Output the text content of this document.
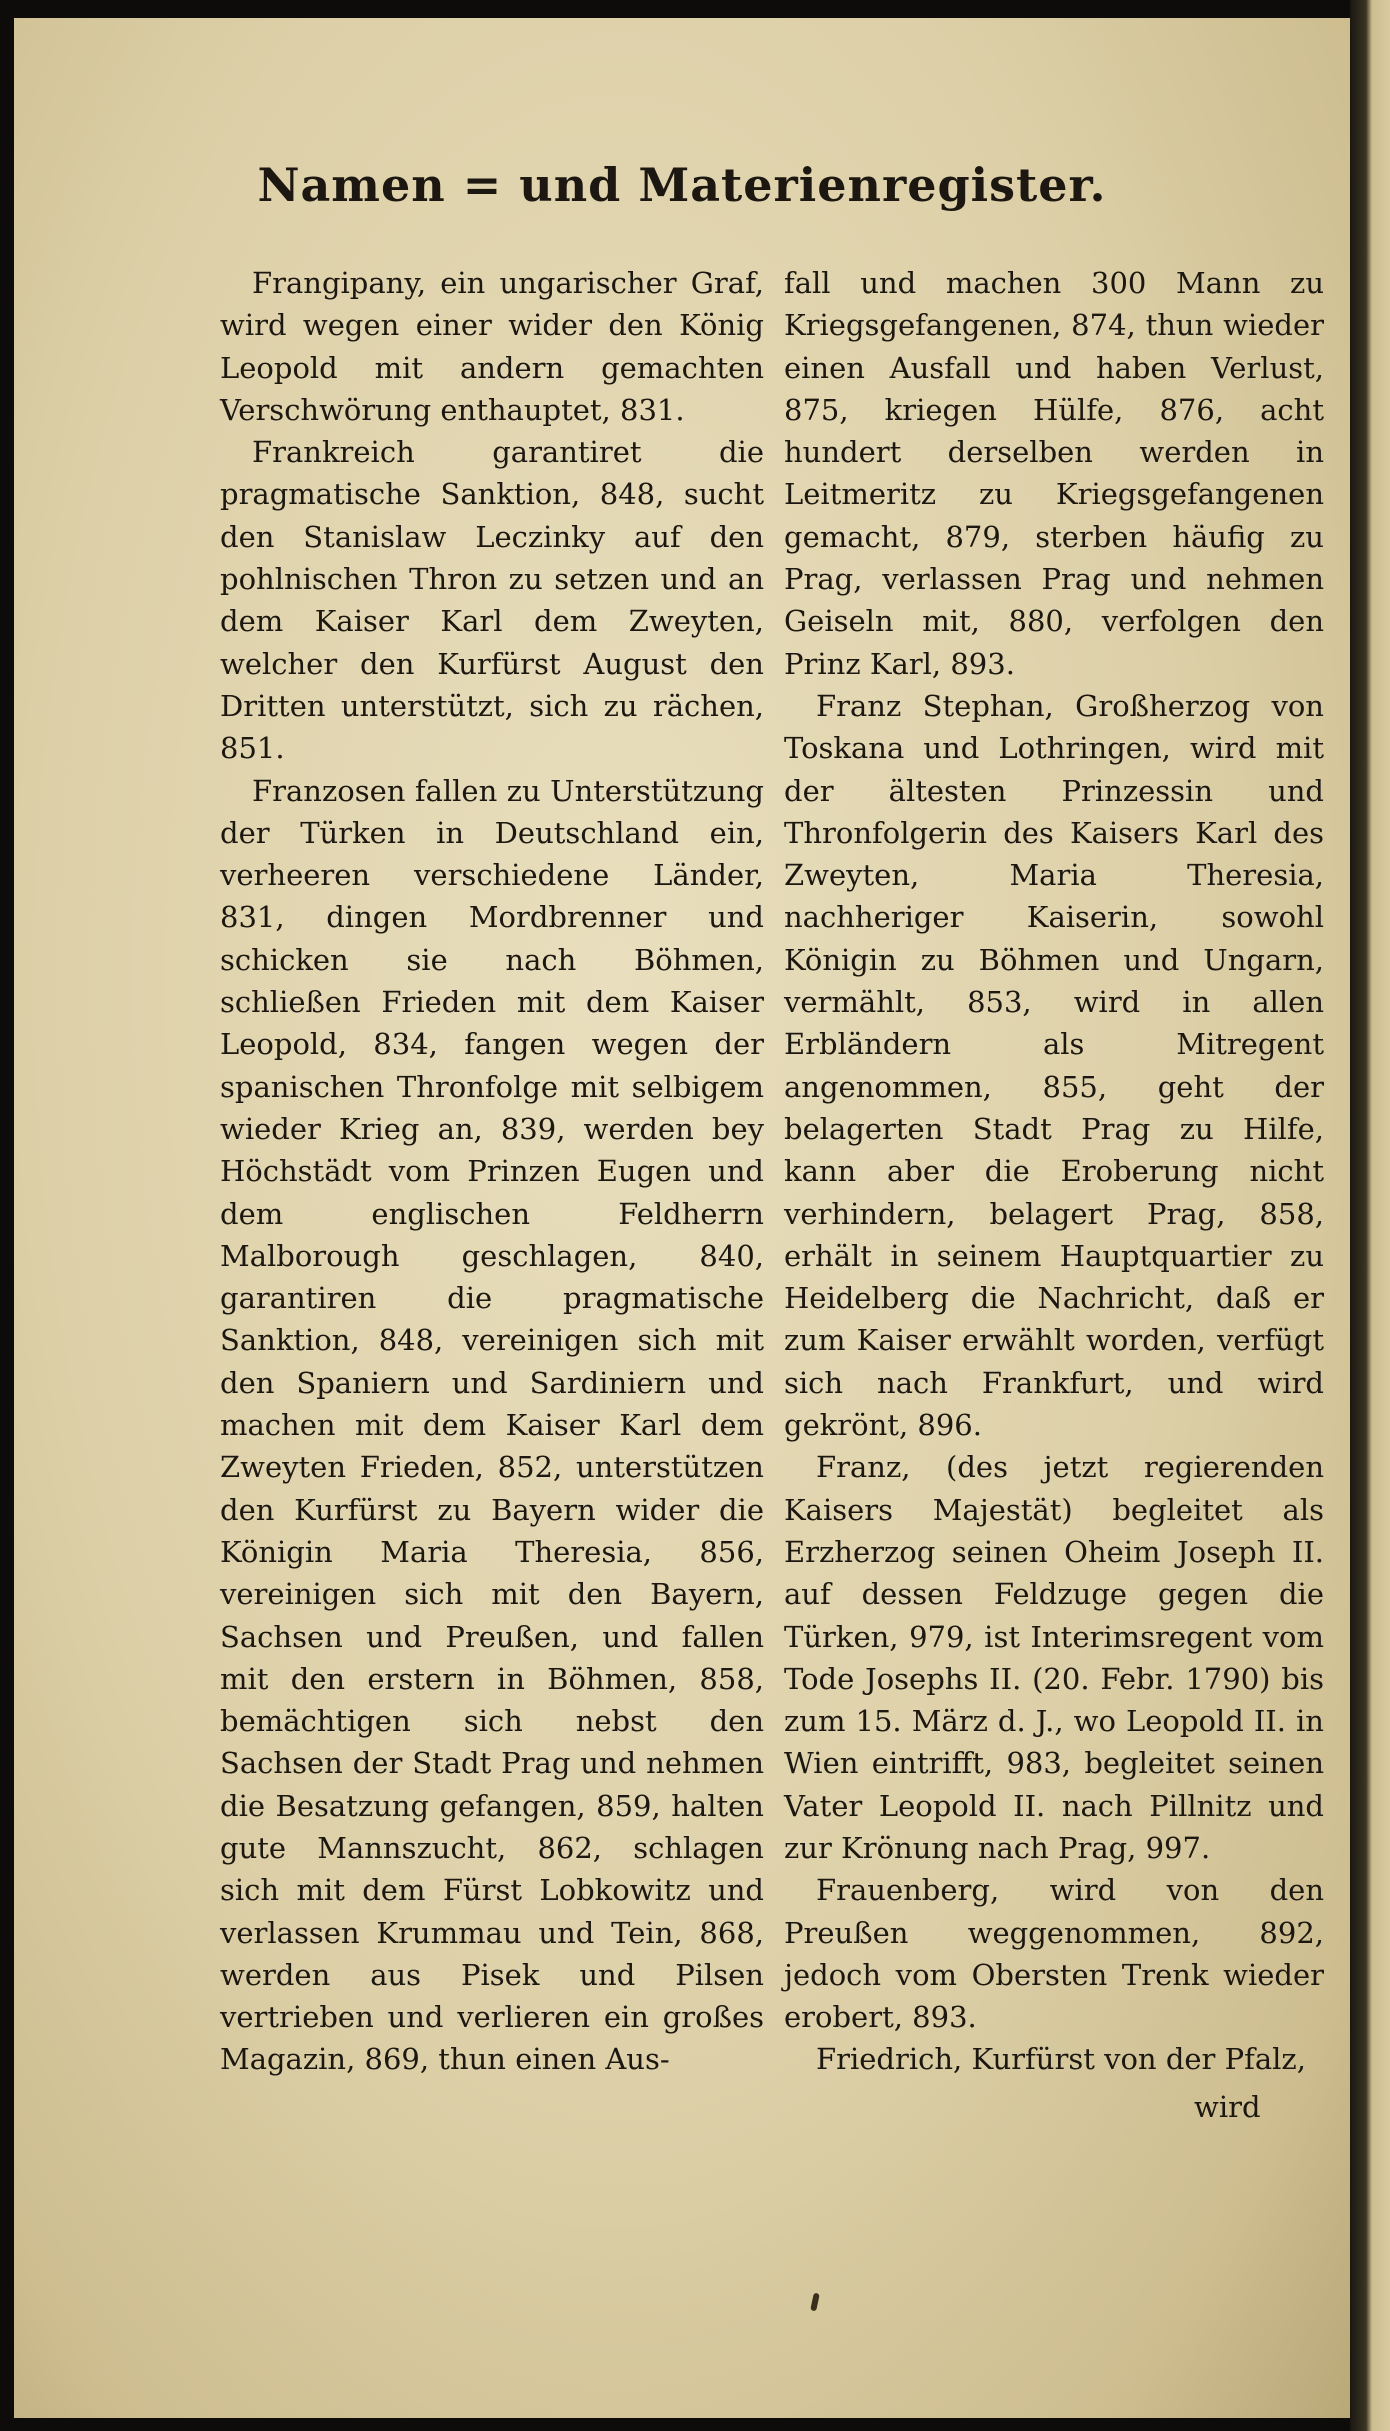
Namen = und Materienregister.

Frangipany, ein ungarischer Graf, wird wegen einer wider den König Leopold mit andern gemachten Verschwörung enthauptet, 831.

Frankreich garantiret die pragmatische Sanktion, 848, sucht den Stanislaw Leczinky auf den pohlnischen Thron zu setzen und an dem Kaiser Karl dem Zweyten, welcher den Kurfürst August den Dritten unterstützt, sich zu rächen, 851.

Franzosen fallen zu Unterstützung der Türken in Deutschland ein, verheeren verschiedene Länder, 831, dingen Mordbrenner und schicken sie nach Böhmen, schließen Frieden mit dem Kaiser Leopold, 834, fangen wegen der spanischen Thronfolge mit selbigem wieder Krieg an, 839, werden bey Höchstädt vom Prinzen Eugen und dem englischen Feldherrn Malborough geschlagen, 840, garantiren die pragmatische Sanktion, 848, vereinigen sich mit den Spaniern und Sardiniern und machen mit dem Kaiser Karl dem Zweyten Frieden, 852, unterstützen den Kurfürst zu Bayern wider die Königin Maria Theresia, 856, vereinigen sich mit den Bayern, Sachsen und Preußen, und fallen mit den erstern in Böhmen, 858, bemächtigen sich nebst den Sachsen der Stadt Prag und nehmen die Besatzung gefangen, 859, halten gute Mannszucht, 862, schlagen sich mit dem Fürst Lobkowitz und verlassen Krummau und Tein, 868, werden aus Pisek und Pilsen vertrieben und verlieren ein großes Magazin, 869, thun einen Aus-

fall und machen 300 Mann zu Kriegsgefangenen, 874, thun wieder einen Ausfall und haben Verlust, 875, kriegen Hülfe, 876, acht hundert derselben werden in Leitmeritz zu Kriegsgefangenen gemacht, 879, sterben häufig zu Prag, verlassen Prag und nehmen Geiseln mit, 880, verfolgen den Prinz Karl, 893.

Franz Stephan, Großherzog von Toskana und Lothringen, wird mit der ältesten Prinzessin und Thronfolgerin des Kaisers Karl des Zweyten, Maria Theresia, nachheriger Kaiserin, sowohl Königin zu Böhmen und Ungarn, vermählt, 853, wird in allen Erbländern als Mitregent angenommen, 855, geht der belagerten Stadt Prag zu Hilfe, kann aber die Eroberung nicht verhindern, belagert Prag, 858, erhält in seinem Hauptquartier zu Heidelberg die Nachricht, daß er zum Kaiser erwählt worden, verfügt sich nach Frankfurt, und wird gekrönt, 896.

Franz, (des jetzt regierenden Kaisers Majestät) begleitet als Erzherzog seinen Oheim Joseph II. auf dessen Feldzuge gegen die Türken, 979, ist Interimsregent vom Tode Josephs II. (20. Febr. 1790) bis zum 15. März d. J., wo Leopold II. in Wien eintrifft, 983, begleitet seinen Vater Leopold II. nach Pillnitz und zur Krönung nach Prag, 997.

Frauenberg, wird von den Preußen weggenommen, 892, jedoch vom Obersten Trenk wieder erobert, 893.

Friedrich, Kurfürst von der Pfalz,

wird
